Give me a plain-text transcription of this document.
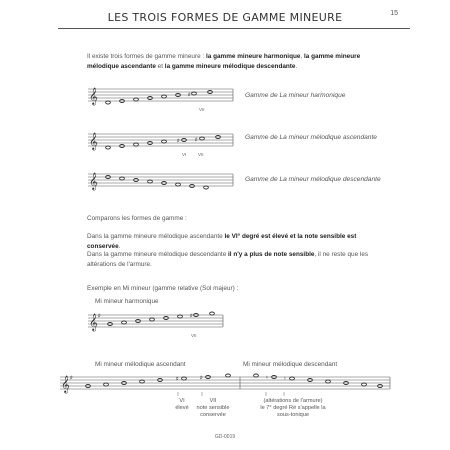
LES TROIS FORMES DE GAMME MINEURE	15
Il existe trois formes de gamme mineure : la gamme mineure harmonique, la gamme mineure mélodique ascendante et la gamme mineure mélodique descendante.
𝄞	♯
VII
Gamme de La mineur harmonique
𝄞	♯	♯
VI	VII
Gamme de La mineur mélodique ascendante
𝄞	Gamme de La mineur mélodique descendante
Comparons les formes de gamme :
Dans la gamme mineure mélodique ascendante le VI° degré est élevé et la note sensible est conservée.
Dans la gamme mineure mélodique descendante il n'y a plus de note sensible, il ne reste que les altérations de l'armure.
Exemple en Mi mineur (gamme relative (Sol majeur) :
Mi mineur harmonique
𝄞 ♯	♯
VII
Mi mineur mélodique ascendant	Mi mineur mélodique descendant
𝄞 ♯	♯	♯	♮	♮
VI
élevé
VII
note sensible
conservée
(altérations de l'armure)
le 7° degré Ré s'appelle la
sous-tonique
GD-0019
